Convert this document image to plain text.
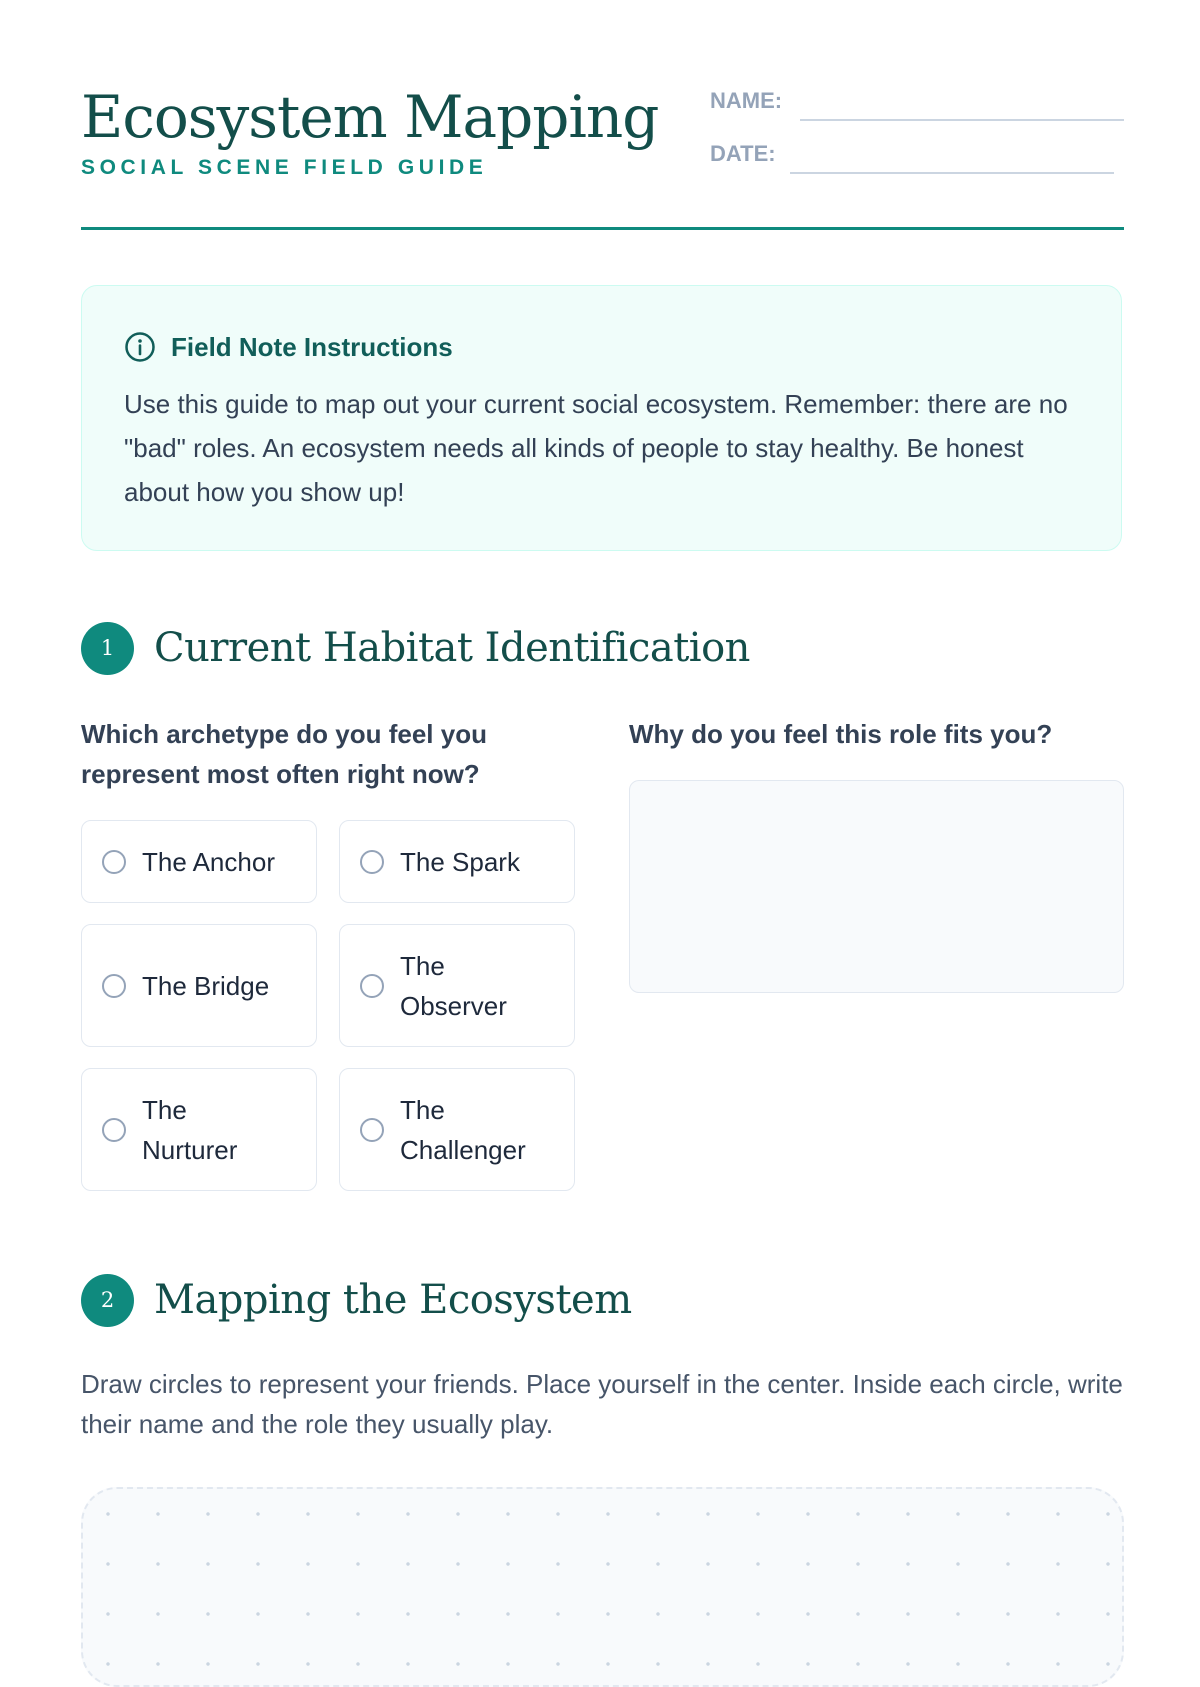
Ecosystem Mapping
SOCIAL SCENE FIELD GUIDE
NAME:
DATE:
Field Note Instructions

Use this guide to map out your current social ecosystem. Remember: there are no "bad" roles. An ecosystem needs all kinds of people to stay healthy. Be honest about how you show up!

1 Current Habitat Identification

Which archetype do you feel you represent most often right now?

The Anchor	The Spark
The Bridge
The Observer
The Nurturer
The Challenger

Why do you feel this role fits you?

2 Mapping the Ecosystem

Draw circles to represent your friends. Place yourself in the center. Inside each circle, write their name and the role they usually play.
